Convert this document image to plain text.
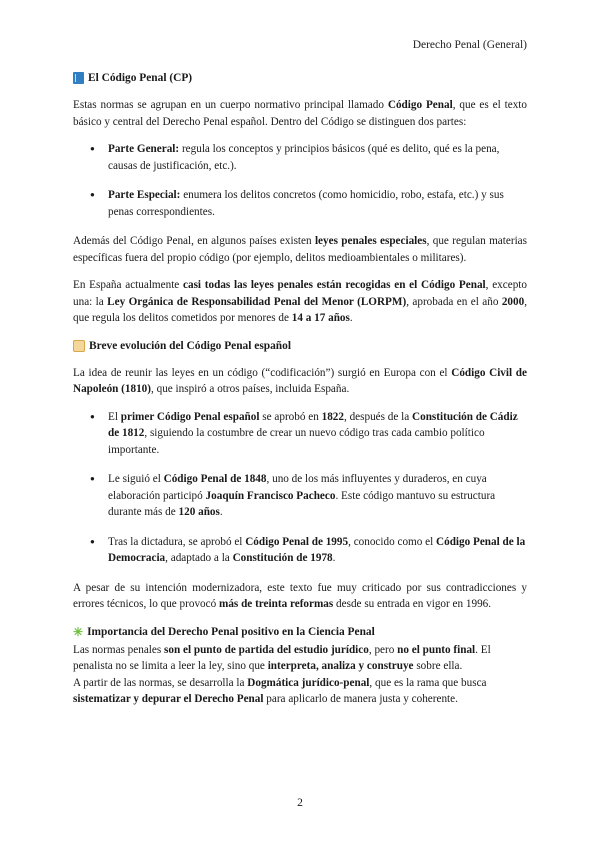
Derecho Penal (General)
El Código Penal (CP)

Estas normas se agrupan en un cuerpo normativo principal llamado Código Penal, que es el texto básico y central del Derecho Penal español. Dentro del Código se distinguen dos partes:

● Parte General: regula los conceptos y principios básicos (qué es delito, qué es la pena, causas de justificación, etc.).
● Parte Especial: enumera los delitos concretos (como homicidio, robo, estafa, etc.) y sus penas correspondientes.

Además del Código Penal, en algunos países existen leyes penales especiales, que regulan materias específicas fuera del propio código (por ejemplo, delitos medioambientales o militares).

En España actualmente casi todas las leyes penales están recogidas en el Código Penal, excepto una: la Ley Orgánica de Responsabilidad Penal del Menor (LORPM), aprobada en el año 2000, que regula los delitos cometidos por menores de 14 a 17 años.

Breve evolución del Código Penal español

La idea de reunir las leyes en un código (“codificación”) surgió en Europa con el Código Civil de Napoleón (1810), que inspiró a otros países, incluida España.

● El primer Código Penal español se aprobó en 1822, después de la Constitución de Cádiz de 1812, siguiendo la costumbre de crear un nuevo código tras cada cambio político importante.
● Le siguió el Código Penal de 1848, uno de los más influyentes y duraderos, en cuya elaboración participó Joaquín Francisco Pacheco. Este código mantuvo su estructura durante más de 120 años.
● Tras la dictadura, se aprobó el Código Penal de 1995, conocido como el Código Penal de la Democracia, adaptado a la Constitución de 1978.

A pesar de su intención modernizadora, este texto fue muy criticado por sus contradicciones y errores técnicos, lo que provocó más de treinta reformas desde su entrada en vigor en 1996.

✳ Importancia del Derecho Penal positivo en la Ciencia Penal

Las normas penales son el punto de partida del estudio jurídico, pero no el punto final. El penalista no se limita a leer la ley, sino que interpreta, analiza y construye sobre ella.

A partir de las normas, se desarrolla la Dogmática jurídico-penal, que es la rama que busca sistematizar y depurar el Derecho Penal para aplicarlo de manera justa y coherente.

2
